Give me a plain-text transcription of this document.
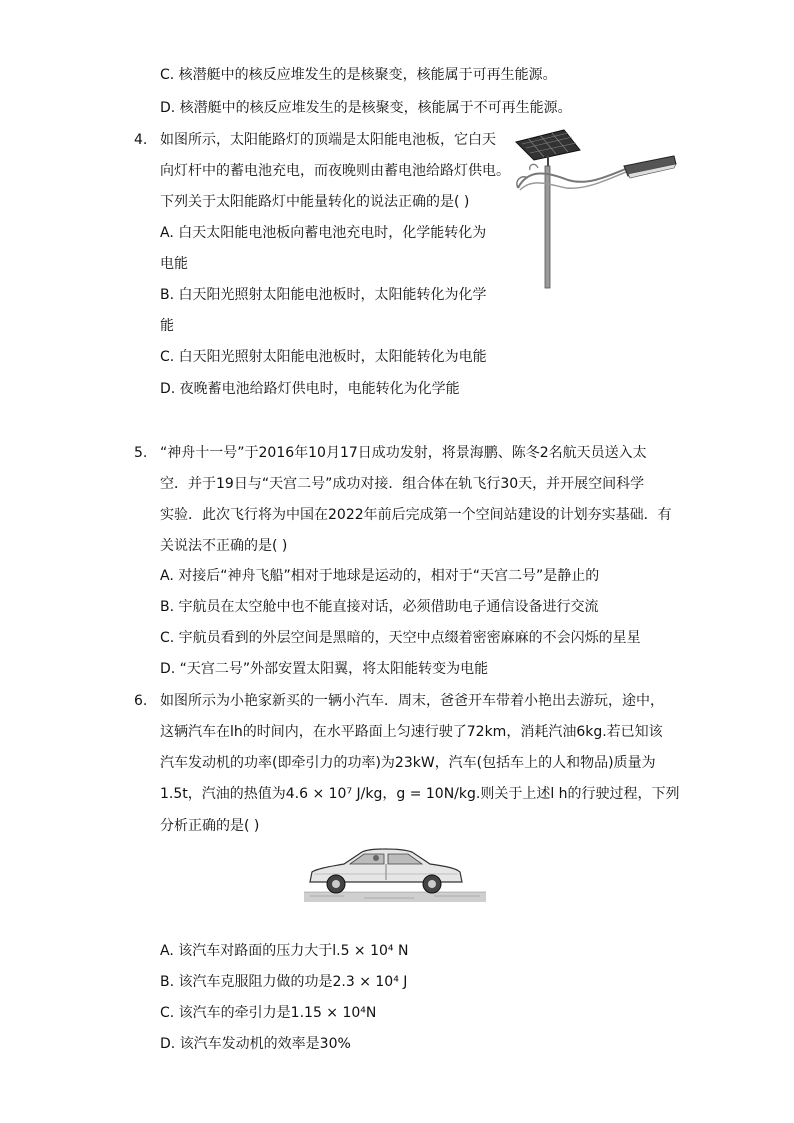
C. 核潜艇中的核反应堆发生的是核聚变，核能属于可再生能源。
D. 核潜艇中的核反应堆发生的是核聚变，核能属于不可再生能源。
4. 如图所示，太阳能路灯的顶端是太阳能电池板，它白天
向灯杆中的蓄电池充电，而夜晚则由蓄电池给路灯供电。
下列关于太阳能路灯中能量转化的说法正确的是( )
A. 白天太阳能电池板向蓄电池充电时，化学能转化为
电能
B. 白天阳光照射太阳能电池板时，太阳能转化为化学
能
C. 白天阳光照射太阳能电池板时，太阳能转化为电能
D. 夜晚蓄电池给路灯供电时，电能转化为化学能
5. “神舟十一号”于2016年10月17日成功发射，将景海鹏、陈冬2名航天员送入太
空．并于19日与“天宫二号”成功对接．组合体在轨飞行30天，并开展空间科学
实验．此次飞行将为中国在2022年前后完成第一个空间站建设的计划夯实基础．有
关说法不正确的是( )
A. 对接后“神舟飞船”相对于地球是运动的，相对于“天宫二号”是静止的
B. 宇航员在太空舱中也不能直接对话，必须借助电子通信设备进行交流
C. 宇航员看到的外层空间是黑暗的，天空中点缀着密密麻麻的不会闪烁的星星
D. “天宫二号”外部安置太阳翼，将太阳能转变为电能
6. 如图所示为小艳家新买的一辆小汽车．周末，爸爸开车带着小艳出去游玩，途中，
这辆汽车在lh的时间内，在水平路面上匀速行驶了72km，消耗汽油6kg.若已知该
汽车发动机的功率(即牵引力的功率)为23kW，汽车(包括车上的人和物品)质量为
1.5t，汽油的热值为4.6 × 10⁷ J/kg，g = 10N/kg.则关于上述l h的行驶过程，下列
分析正确的是( )
A. 该汽车对路面的压力大于l.5 × 10⁴ N
B. 该汽车克服阻力做的功是2.3 × 10⁴ J
C. 该汽车的牵引力是1.15 × 10⁴N
D. 该汽车发动机的效率是30%
